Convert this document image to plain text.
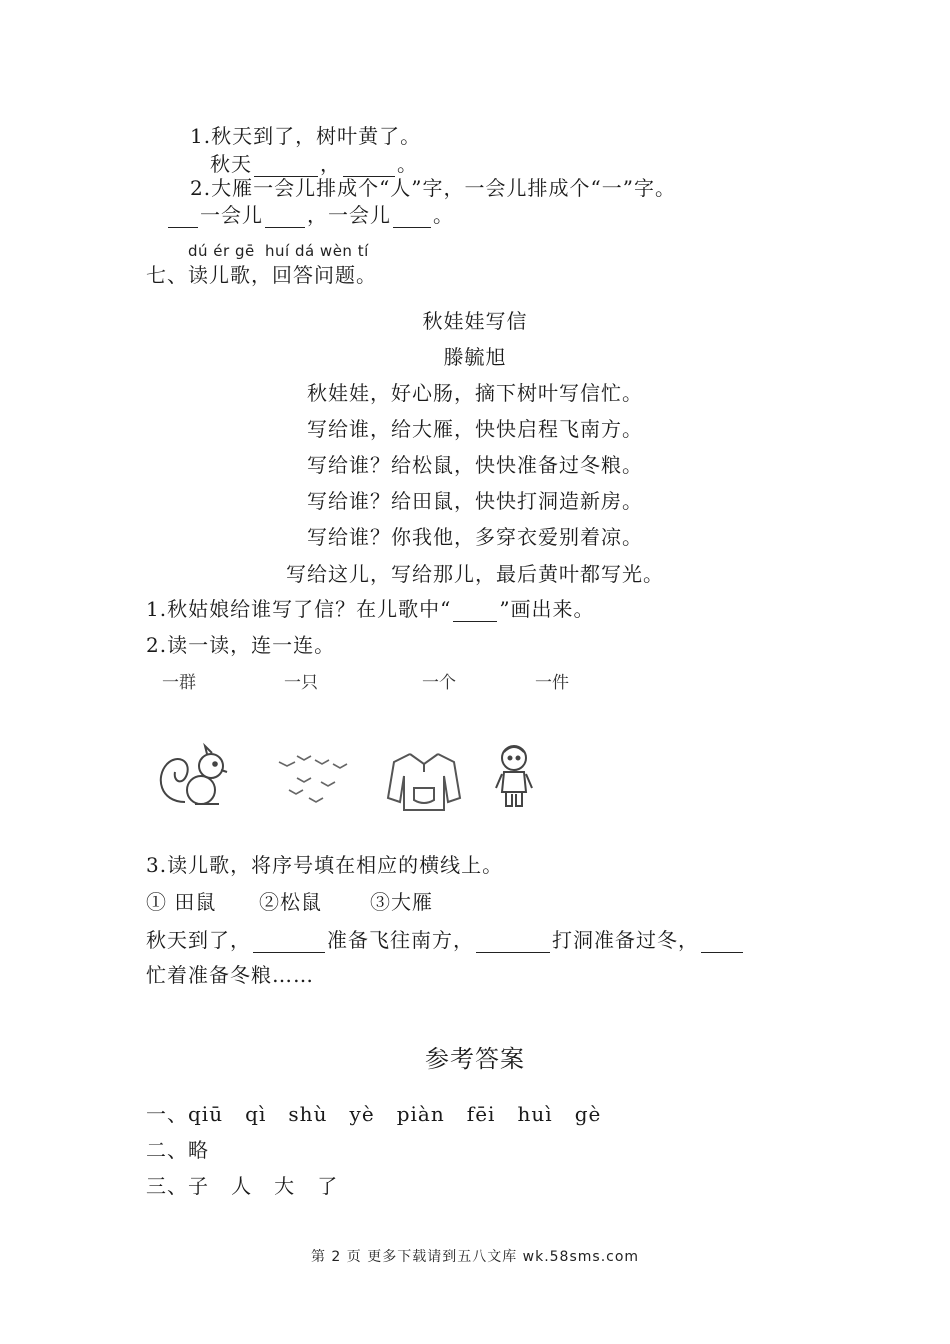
1.秋天到了，树叶黄了。
秋天	，	。
2.大雁一会儿排成个“人”字，一会儿排成个“一”字。
一会儿 ，一会儿 。
dú ér gē huí dá wèn tí
七、读儿歌，回答问题。
秋娃娃写信
滕毓旭
秋娃娃，好心肠，摘下树叶写信忙。
写给谁，给大雁，快快启程飞南方。
写给谁？给松鼠，快快准备过冬粮。
写给谁？给田鼠，快快打洞造新房。
写给谁？你我他，多穿衣爱别着凉。
写给这儿，写给那儿，最后黄叶都写光。
1.秋姑娘给谁写了信？在儿歌中“ ”画出来。
2.读一读，连一连。
一群	一只	一个	一件
3.读儿歌，将序号填在相应的横线上。
① 田鼠 ②松鼠 ③大雁
秋天到了，	准备飞往南方，	打洞准备过冬，
忙着准备冬粮……
参考答案
一、qiū   qì   shù   yè   piàn   fēi   huì   gè
二、略
三、子   人   大   了
第 2 页 更多下载请到五八文库 wk.58sms.com
